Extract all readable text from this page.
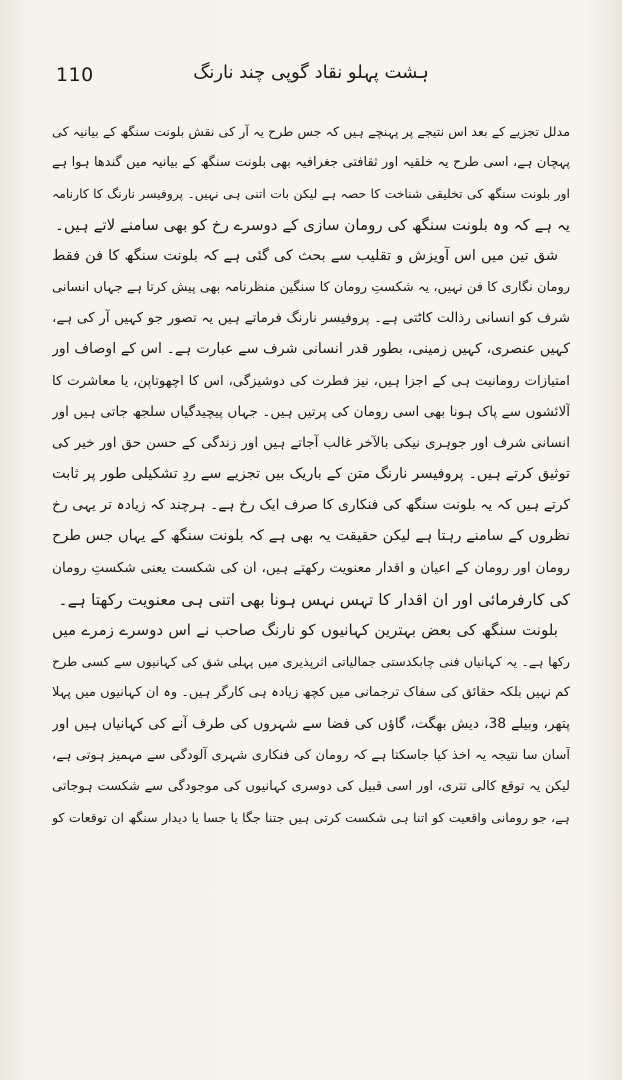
110	ہشت پہلو نقاد گوپی چند نارنگ
مدلل تجزیے کے بعد اس نتیجے پر پہنچے ہیں کہ جس طرح یہ آر کی نقش بلونت سنگھ کے بیانیہ کی
پہچان ہے، اسی طرح یہ خلقیہ اور ثقافتی جغرافیہ بھی بلونت سنگھ کے بیانیہ میں گندھا ہوا ہے
اور بلونت سنگھ کی تخلیقی شناخت کا حصہ ہے لیکن بات اتنی ہی نہیں۔ پروفیسر نارنگ کا کارنامہ
یہ ہے کہ وہ بلونت سنگھ کی رومان سازی کے دوسرے رخ کو بھی سامنے لاتے ہیں۔
شق تین میں اس آویزش و تقلیب سے بحث کی گئی ہے کہ بلونت سنگھ کا فن فقط
رومان نگاری کا فن نہیں، یہ شکستِ رومان کا سنگین منظرنامہ بھی پیش کرتا ہے جہاں انسانی
شرف کو انسانی رذالت کاٹتی ہے۔ پروفیسر نارنگ فرماتے ہیں یہ تصور جو کہیں آر کی ہے،
کہیں عنصری، کہیں زمینی، بطور قدر انسانی شرف سے عبارت ہے۔ اس کے اوصاف اور
امتیازات رومانیت ہی کے اجزا ہیں، نیز فطرت کی دوشیزگی، اس کا اچھوتاپن، یا معاشرت کا
آلائشوں سے پاک ہونا بھی اسی رومان کی پرتیں ہیں۔ جہاں پیچیدگیاں سلجھ جاتی ہیں اور
انسانی شرف اور جوہری نیکی بالآخر غالب آجاتے ہیں اور زندگی کے حسن حق اور خیر کی
توثیق کرتے ہیں۔ پروفیسر نارنگ متن کے باریک بیں تجزیے سے ردِ تشکیلی طور پر ثابت
کرتے ہیں کہ یہ بلونت سنگھ کی فنکاری کا صرف ایک رخ ہے۔ ہرچند کہ زیادہ تر یہی رخ
نظروں کے سامنے رہتا ہے لیکن حقیقت یہ بھی ہے کہ بلونت سنگھ کے یہاں جس طرح
رومان اور رومان کے اعیان و اقدار معنویت رکھتے ہیں، ان کی شکست یعنی شکستِ رومان
کی کارفرمائی اور ان اقدار کا تہس نہس ہونا بھی اتنی ہی معنویت رکھتا ہے۔
بلونت سنگھ کی بعض بہترین کہانیوں کو نارنگ صاحب نے اس دوسرے زمرے میں
رکھا ہے۔ یہ کہانیاں فنی چابکدستی جمالیاتی اثرپذیری میں پہلی شق کی کہانیوں سے کسی طرح
کم نہیں بلکہ حقائق کی سفاک ترجمانی میں کچھ زیادہ ہی کارگر ہیں۔ وہ ان کہانیوں میں پہلا
پتھر، وبیلے 38، دیش بھگت، گاؤں کی فضا سے شہروں کی طرف آنے کی کہانیاں ہیں اور
آسان سا نتیجہ یہ اخذ کیا جاسکتا ہے کہ رومان کی فنکاری شہری آلودگی سے مہمیز ہوتی ہے،
لیکن یہ توقع کالی تتری، اور اسی قبیل کی دوسری کہانیوں کی موجودگی سے شکست ہوجاتی
ہے، جو رومانی واقعیت کو اتنا ہی شکست کرتی ہیں جتنا جگا یا جسا یا دیدار سنگھ ان توقعات کو
